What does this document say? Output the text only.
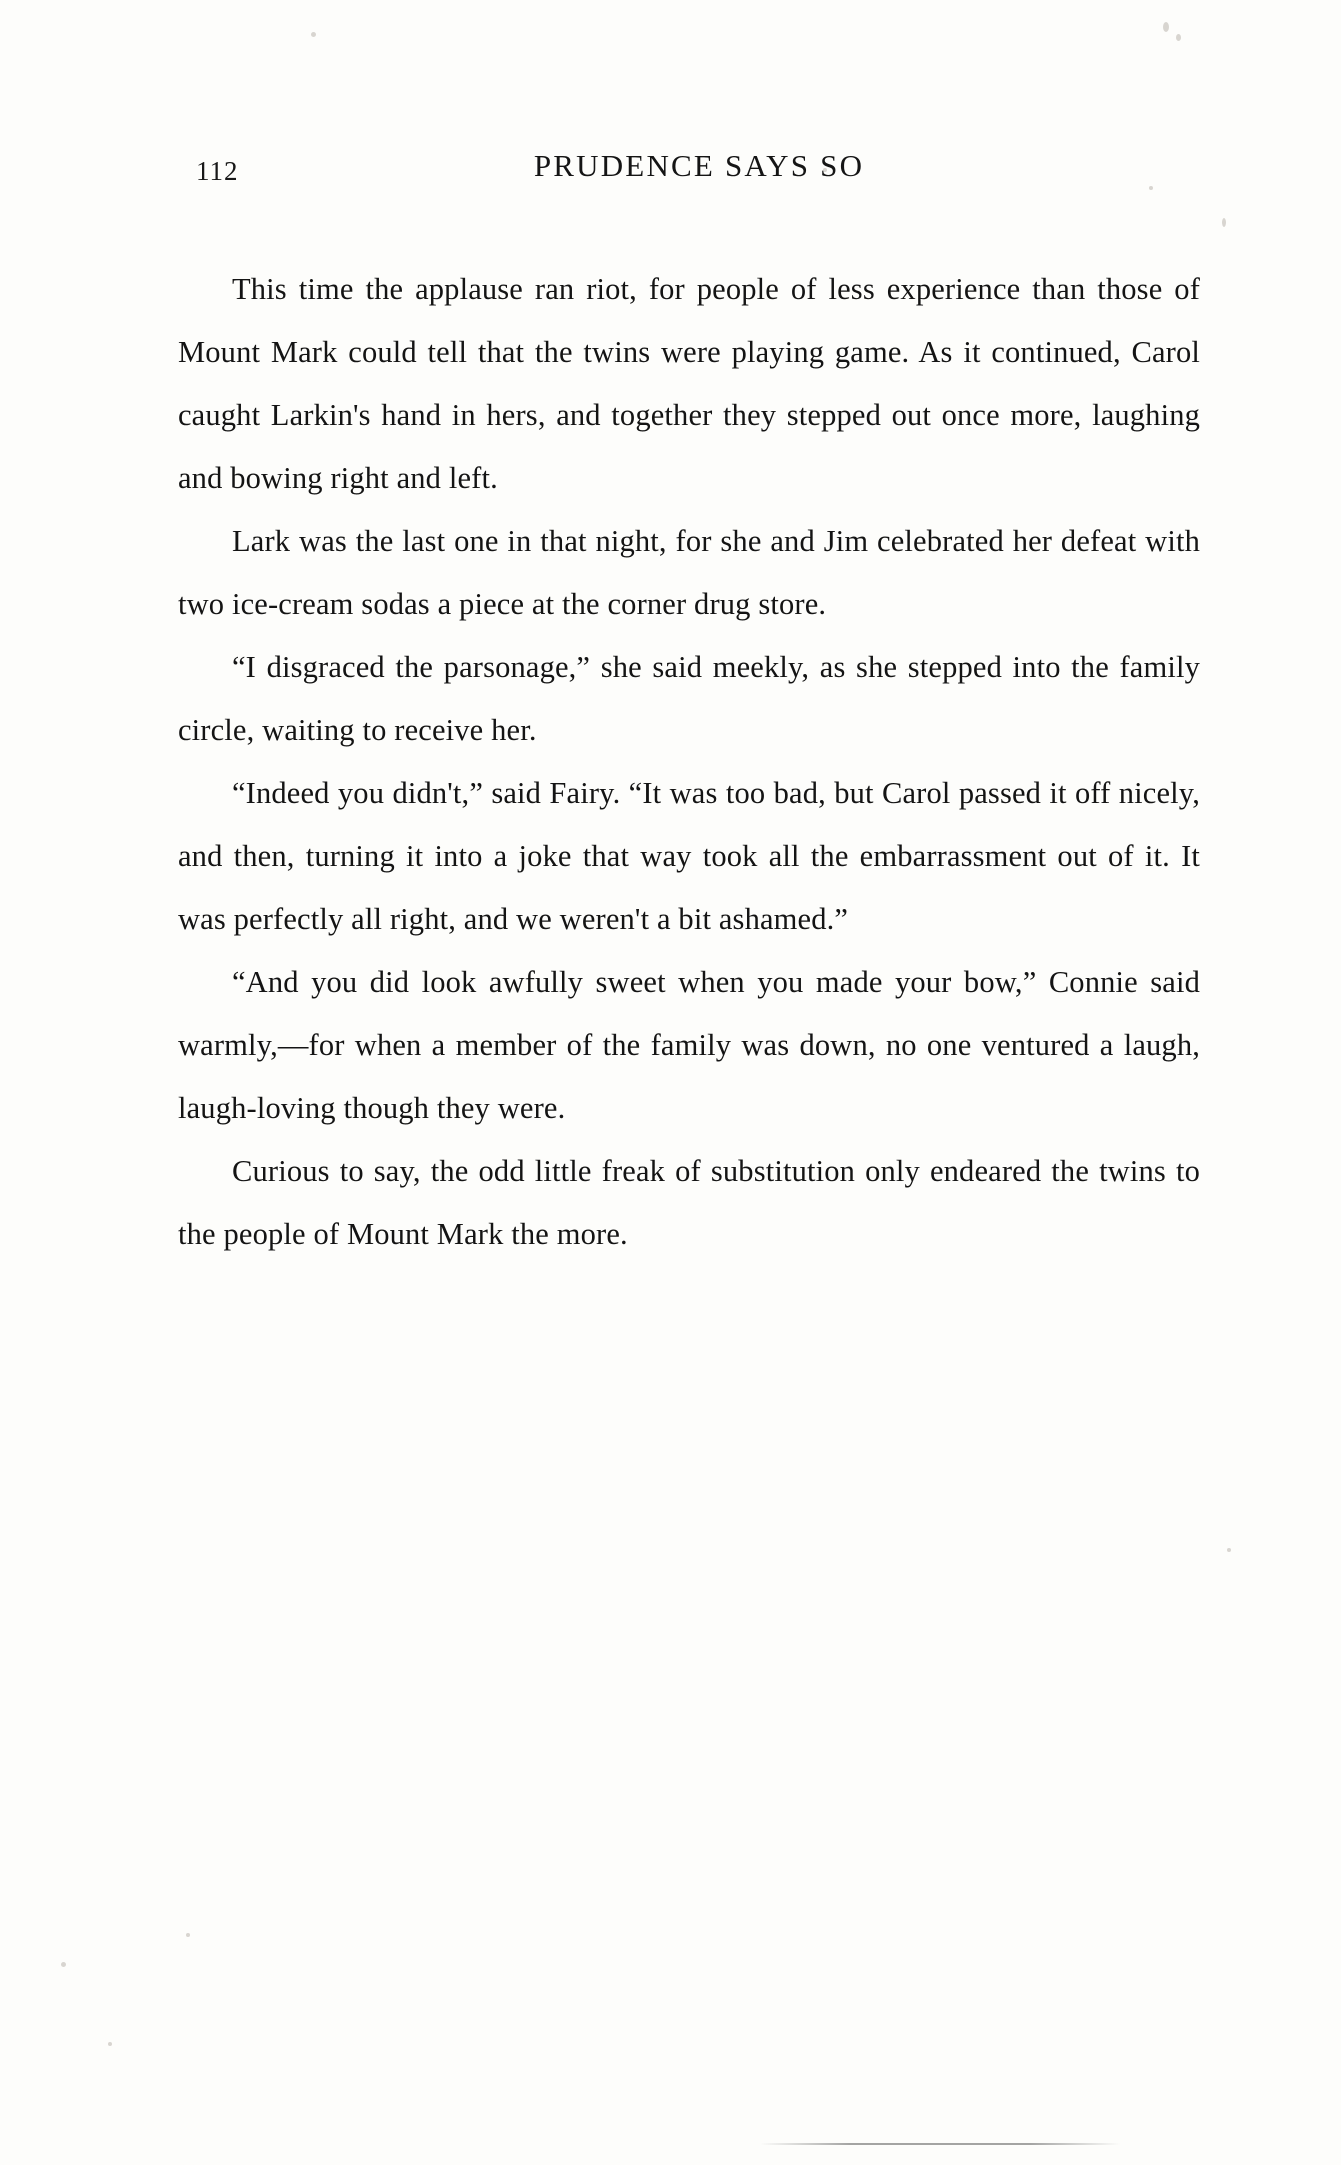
112	PRUDENCE SAYS SO

This time the applause ran riot, for people of less experience than those of Mount Mark could tell that the twins were playing game. As it continued, Carol caught Larkin's hand in hers, and together they stepped out once more, laughing and bowing right and left.

Lark was the last one in that night, for she and Jim celebrated her defeat with two ice-cream sodas a piece at the corner drug store.

“I disgraced the parsonage,” she said meekly, as she stepped into the family circle, waiting to receive her.

“Indeed you didn't,” said Fairy. “It was too bad, but Carol passed it off nicely, and then, turning it into a joke that way took all the embarrassment out of it. It was perfectly all right, and we weren't a bit ashamed.”

“And you did look awfully sweet when you made your bow,” Connie said warmly,—for when a member of the family was down, no one ventured a laugh, laugh-loving though they were.

Curious to say, the odd little freak of substitution only endeared the twins to the people of Mount Mark the more.
